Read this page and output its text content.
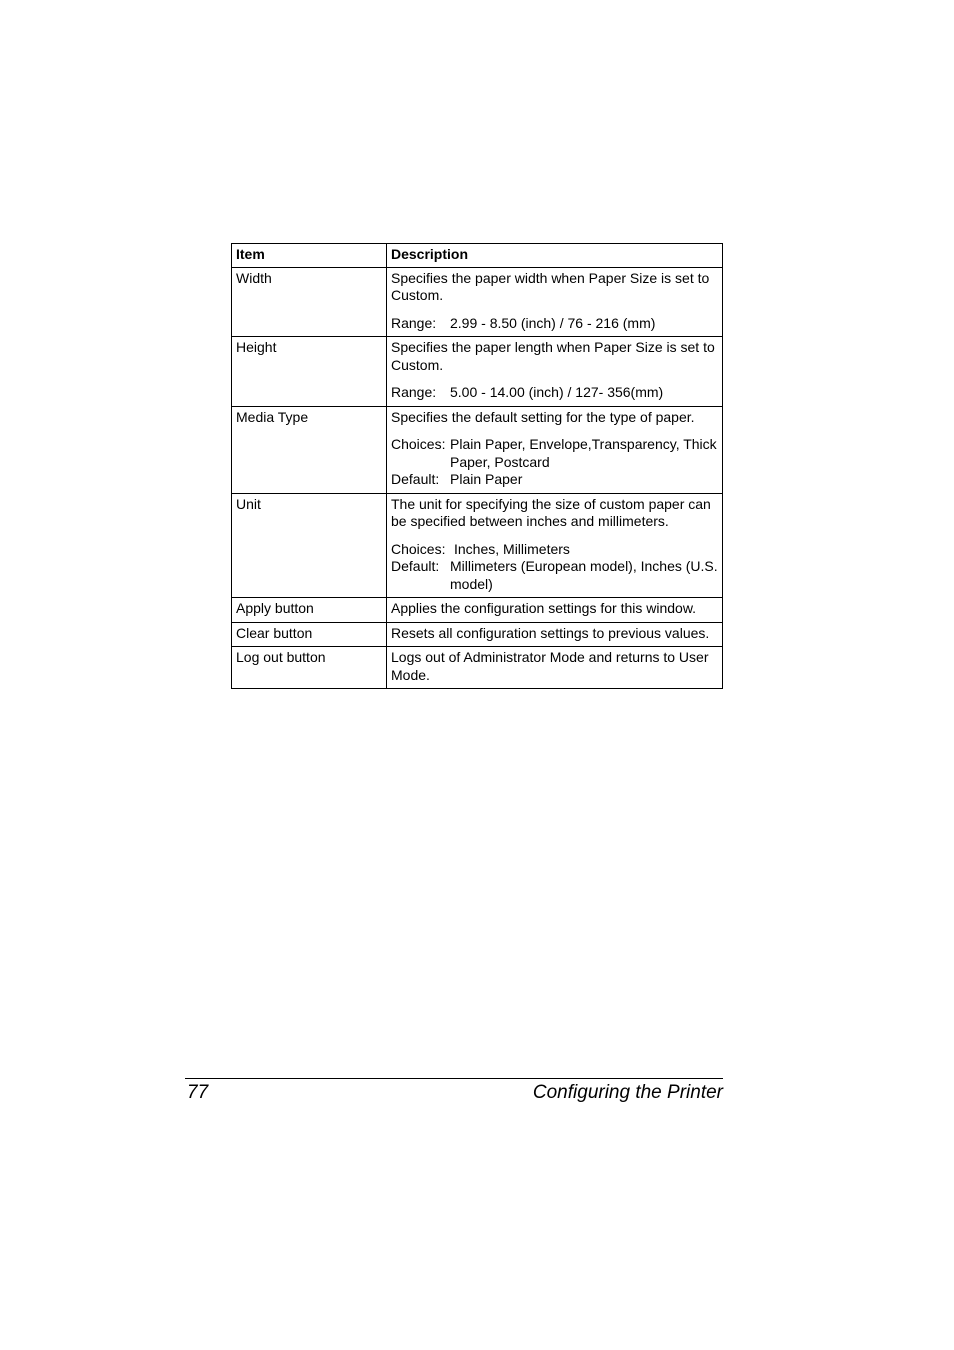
Item	Description
Width	Specifies the paper width when Paper Size is set to Custom.

Range: 2.99 - 8.50 (inch) / 76 - 216 (mm)

Height	Specifies the paper length when Paper Size is set to Custom.

Range: 5.00 - 14.00 (inch) / 127- 356(mm)

Media Type	Specifies the default setting for the type of paper.

Choices: Plain Paper, Envelope,Transparency, Thick Paper, Postcard
Default: Plain Paper

Unit	The unit for specifying the size of custom paper can be specified between inches and millimeters.

Choices: Inches, Millimeters
Default: Millimeters (European model), Inches (U.S. model)

Apply button	Applies the configuration settings for this window.
Clear button	Resets all configuration settings to previous values.
Log out button	Logs out of Administrator Mode and returns to User Mode.
77	Configuring the Printer
